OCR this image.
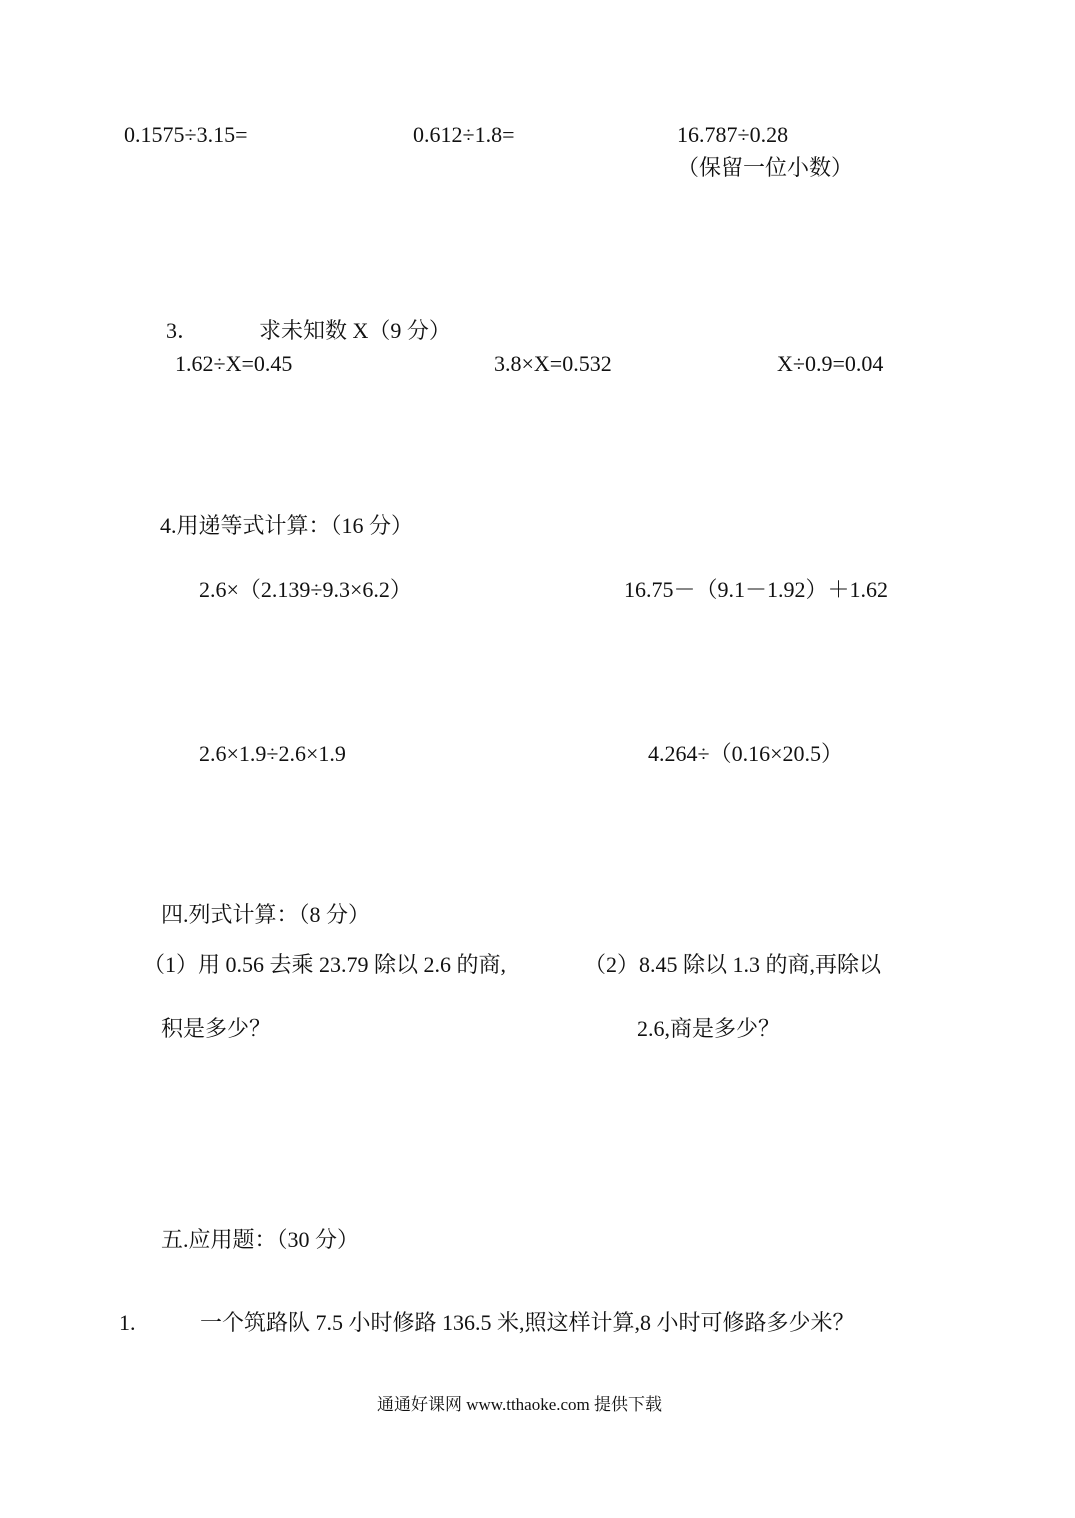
0.1575÷3.15=	0.612÷1.8=	16.787÷0.28
（保留一位小数）
3．	求未知数 X（9 分）
1.62÷X=0.45	3.8×X=0.532	X÷0.9=0.04
4.用递等式计算：（16 分）
2.6×（2.139÷9.3×6.2）	16.75－（9.1－1.92）＋1.62
2.6×1.9÷2.6×1.9	4.264÷（0.16×20.5）
四.列式计算：（8 分）
（1）用 0.56 去乘 23.79 除以 2.6 的商,
积是多少？
（2）8.45 除以 1.3 的商,再除以
2.6,商是多少？
五.应用题：（30 分）
1.	一个筑路队 7.5 小时修路 136.5 米,照这样计算,8 小时可修路多少米？
通通好课网 www.tthaoke.com 提供下载
